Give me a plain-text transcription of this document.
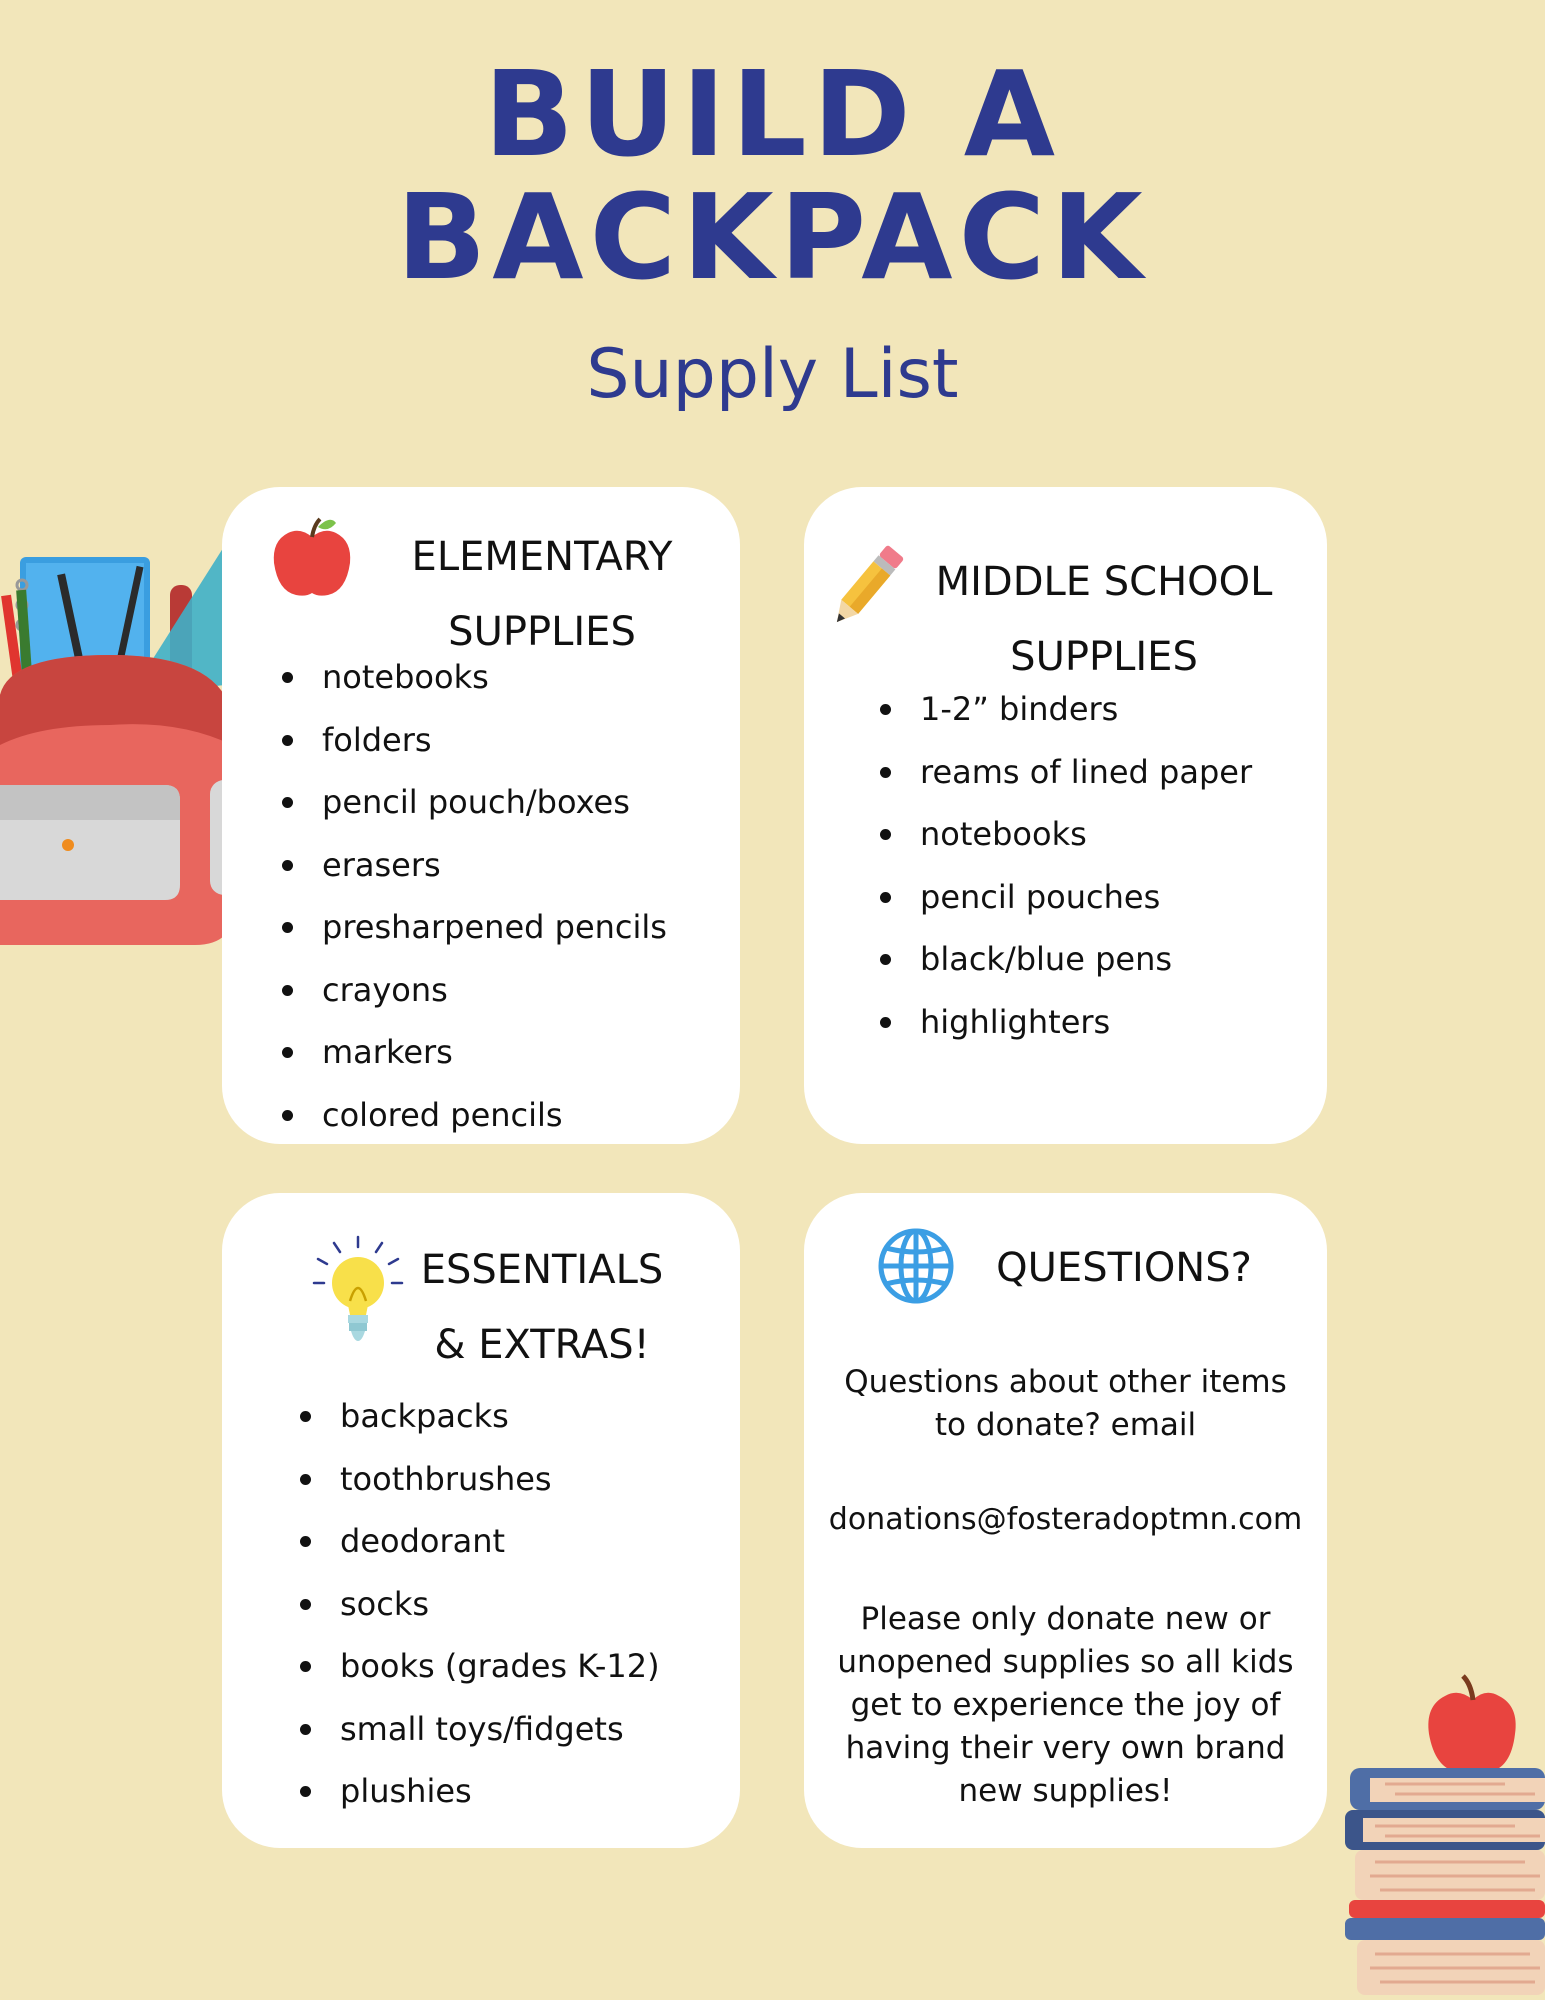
BUILD A
BACKPACK
Supply List
ELEMENTARY
SUPPLIES
notebooks
folders
pencil pouch/boxes
erasers
presharpened pencils
crayons
markers
colored pencils
MIDDLE SCHOOL
SUPPLIES
1-2” binders
reams of lined paper
notebooks
pencil pouches
black/blue pens
highlighters
ESSENTIALS
& EXTRAS!
backpacks
toothbrushes
deodorant
socks
books (grades K-12)
small toys/fidgets
plushies
QUESTIONS?
Questions about other items
to donate? email
donations@fosteradoptmn.com
Please only donate new or
unopened supplies so all kids
get to experience the joy of
having their very own brand
new supplies!
